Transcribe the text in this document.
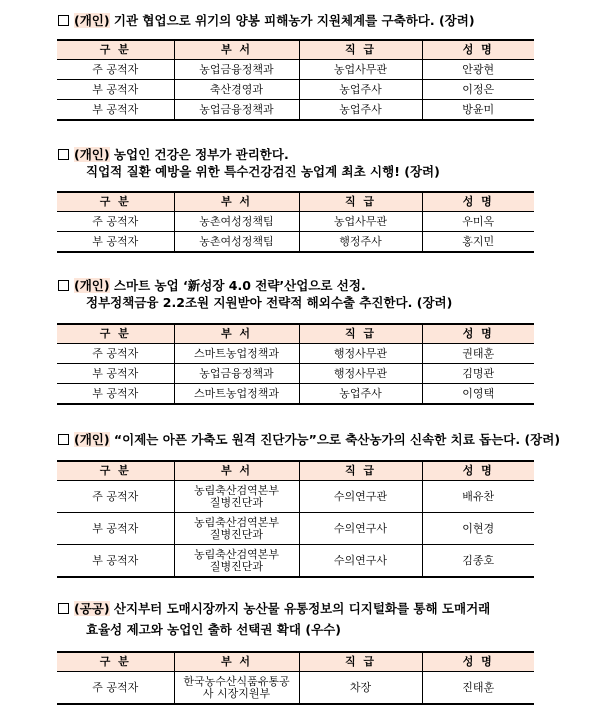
(개인) 기관 협업으로 위기의 양봉 피해농가 지원체계를 구축하다. (장려)
구 분	부 서	직 급	성 명
주 공적자	농업금융정책과	농업사무관	안광현
부 공적자	축산경영과	농업주사	이정은
부 공적자	농업금융정책과	농업주사	방윤미
(개인) 농업인 건강은 정부가 관리한다.
직업적 질환 예방을 위한 특수건강검진 농업계 최초 시행! (장려)
구 분	부 서	직 급	성 명
주 공적자	농촌여성정책팀	농업사무관	우미옥
부 공적자	농촌여성정책팀	행정주사	홍지민
(개인) 스마트 농업 ‘新성장 4.0 전략’산업으로 선정.
정부정책금융 2.2조원 지원받아 전략적 해외수출 추진한다. (장려)
구 분	부 서	직 급	성 명
주 공적자	스마트농업정책과	행정사무관	권태훈
부 공적자	농업금융정책과	행정사무관	김명관
부 공적자	스마트농업정책과	농업주사	이영택
(개인) “이제는 아픈 가축도 원격 진단가능”으로 축산농가의 신속한 치료 돕는다. (장려)
구 분	부 서	직 급	성 명
주 공적자	농림축산검역본부 질병진단과	수의연구관	배유찬
부 공적자	농림축산검역본부 질병진단과	수의연구사	이현경
부 공적자	농림축산검역본부 질병진단과	수의연구사	김종호
(공공) 산지부터 도매시장까지 농산물 유통정보의 디지털화를 통해 도매거래
효율성 제고와 농업인 출하 선택권 확대 (우수)
구 분	부 서	직 급	성 명
주 공적자	한국농수산식품유통공사 시장지원부	차장	진태훈
